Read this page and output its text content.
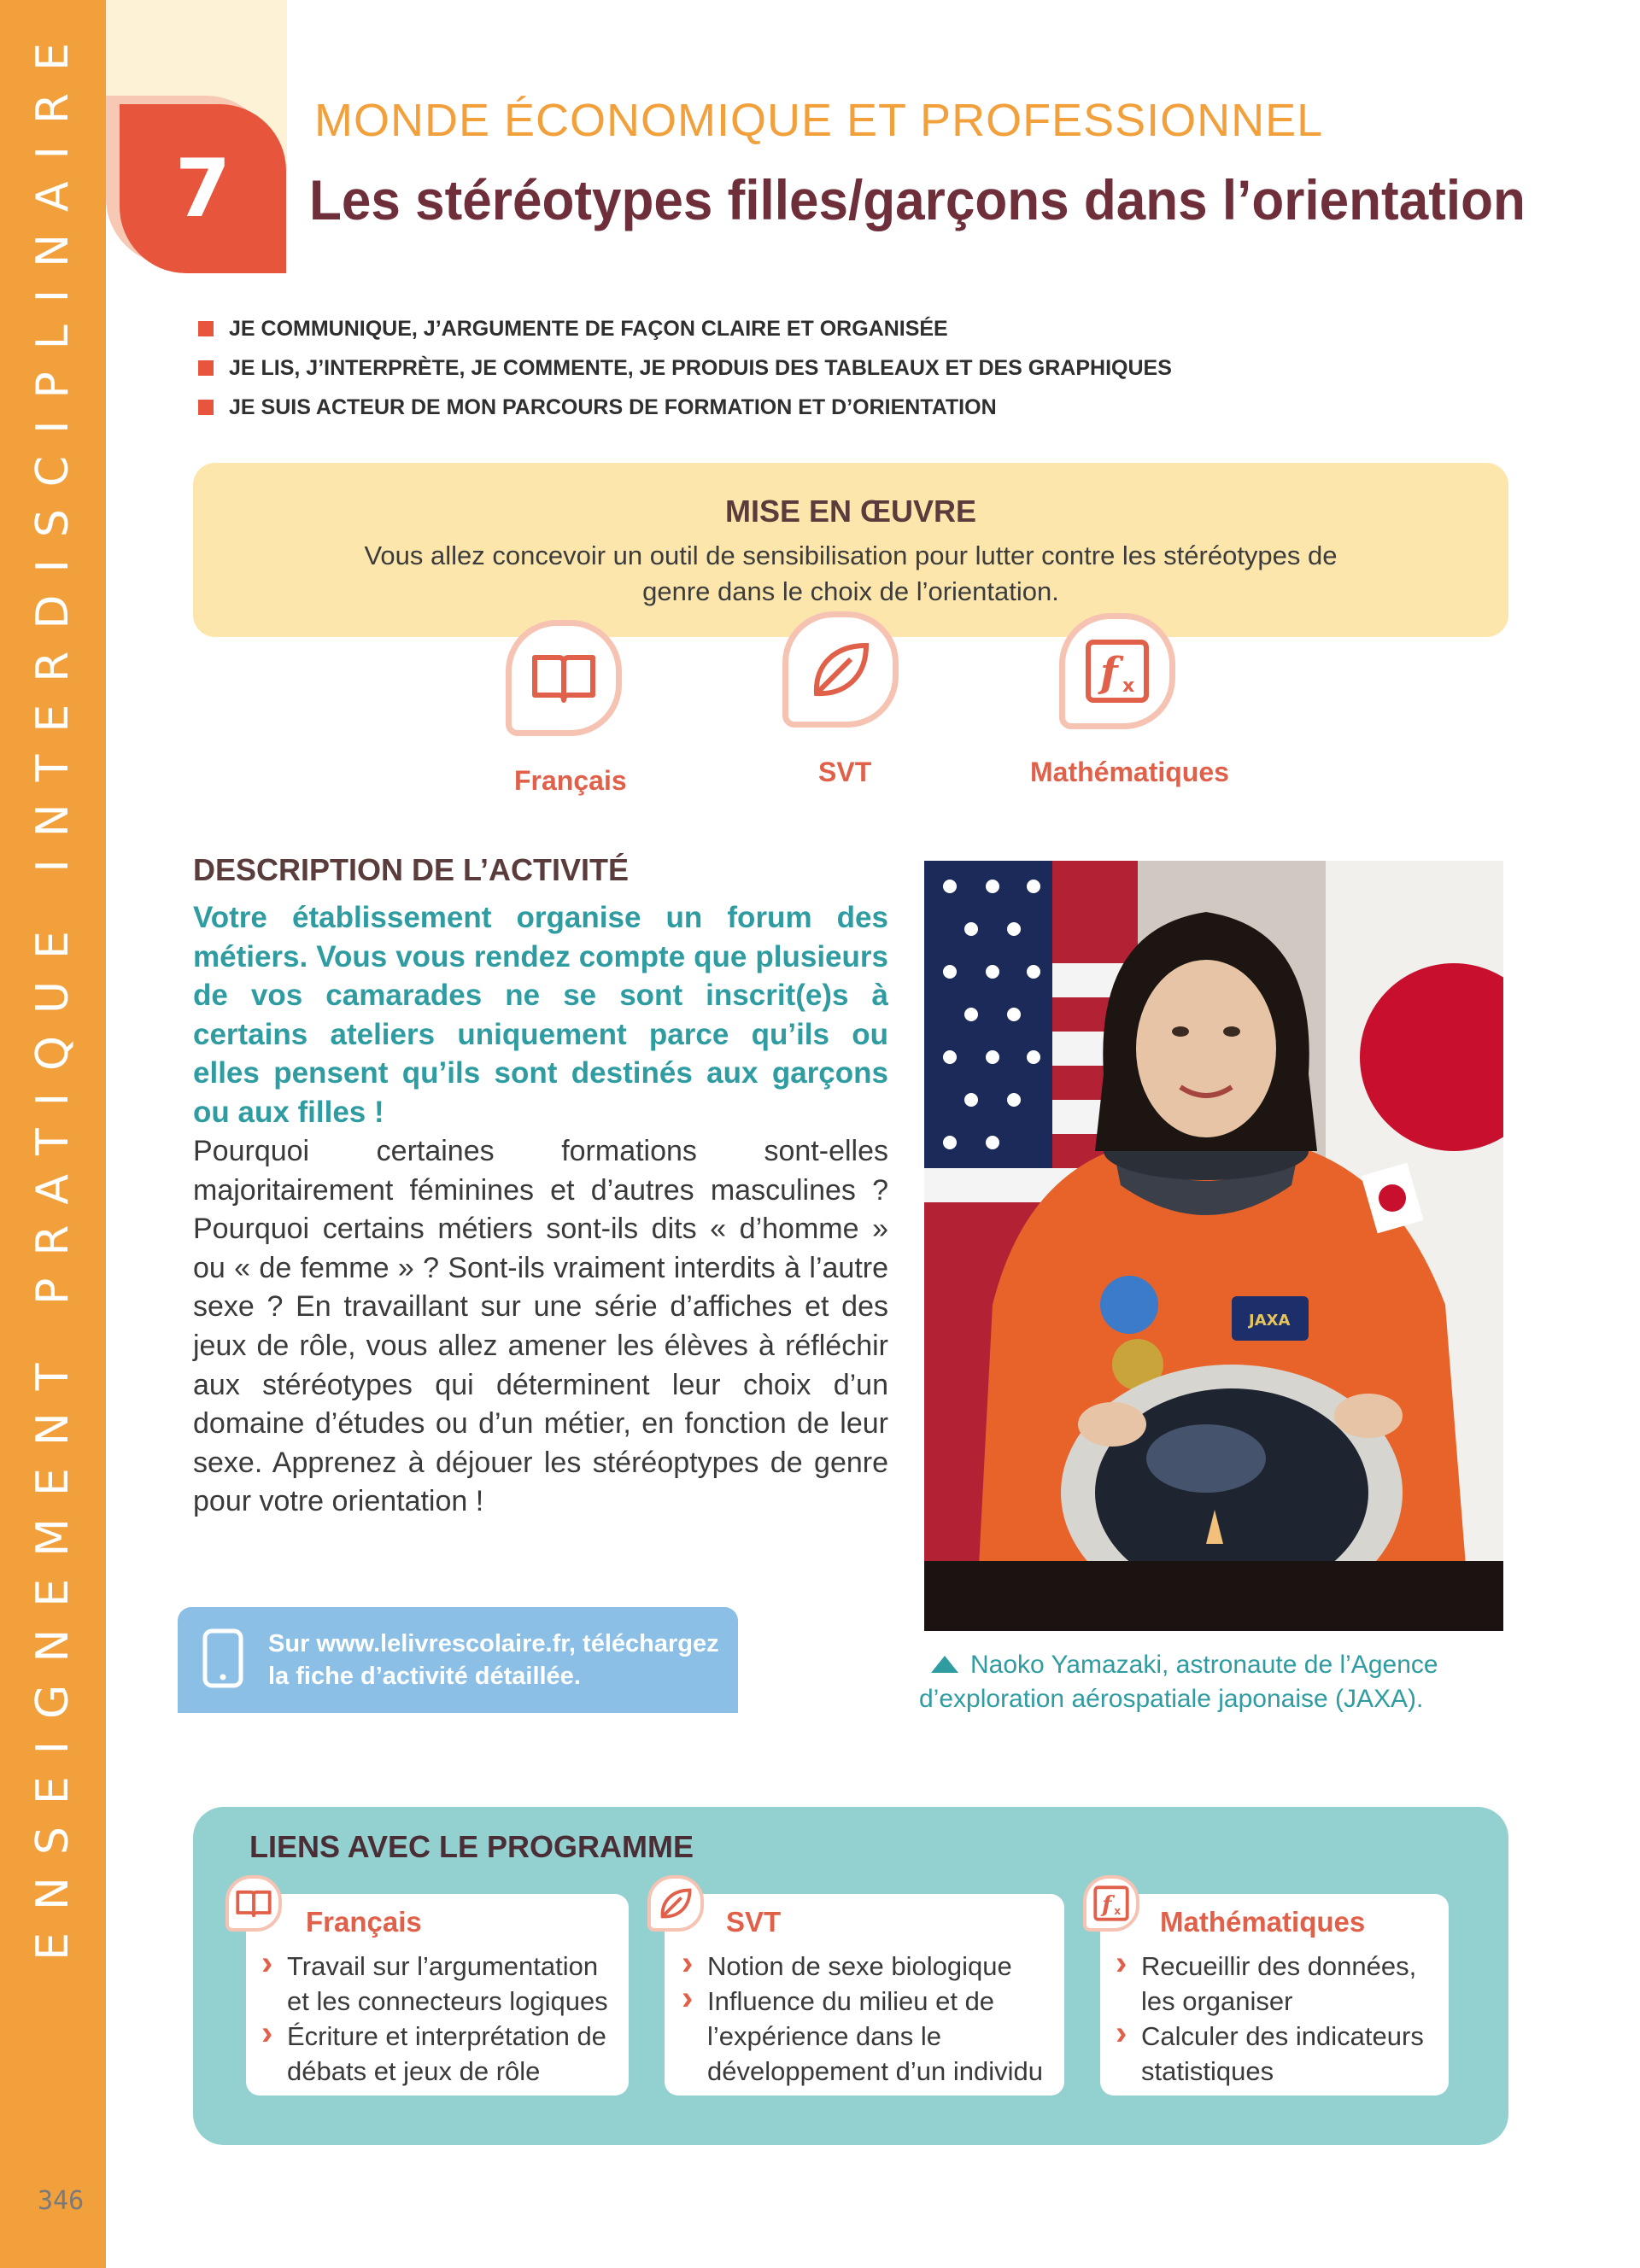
ENSEIGNEMENT PRATIQUE INTERDISCIPLINAIRE
346
7
MONDE ÉCONOMIQUE ET PROFESSIONNEL
Les stéréotypes filles/garçons dans l’orientation
JE COMMUNIQUE, J’ARGUMENTE DE FAÇON CLAIRE ET ORGANISÉE
JE LIS, J’INTERPRÈTE, JE COMMENTE, JE PRODUIS DES TABLEAUX ET DES GRAPHIQUES
JE SUIS ACTEUR DE MON PARCOURS DE FORMATION ET D’ORIENTATION
MISE EN ŒUVRE
Vous allez concevoir un outil de sensibilisation pour lutter contre les stéréotypes de genre dans le choix de l’orientation.
Français	SVT
f x
Mathématiques
DESCRIPTION DE L’ACTIVITÉ
Votre établissement organise un forum des métiers. Vous vous rendez compte que plusieurs de vos camarades ne se sont inscrit(e)s à certains ateliers uniquement parce qu’ils ou elles pensent qu’ils sont destinés aux garçons ou aux filles !
Pourquoi certaines formations sont-elles majoritairement féminines et d’autres masculines ? Pourquoi certains métiers sont-ils dits « d’homme » ou « de femme » ? Sont-ils vraiment interdits à l’autre sexe ? En travaillant sur une série d’affiches et des jeux de rôle, vous allez amener les élèves à réfléchir aux stéréotypes qui déterminent leur choix d’un domaine d’études ou d’un métier, en fonction de leur sexe. Apprenez à déjouer les stéréoptypes de genre pour votre orientation !
Sur www.lelivrescolaire.fr, téléchargez la fiche d’activité détaillée.
JAXA
Naoko Yamazaki, astronaute de l’Agence d’exploration aérospatiale japonaise (JAXA).
LIENS AVEC LE PROGRAMME
Français
› Travail sur l’argumentation et les connecteurs logiques
› Écriture et interprétation de débats et jeux de rôle
SVT
› Notion de sexe biologique
› Influence du milieu et de l’expérience dans le développement d’un individu
f x Mathématiques
› Recueillir des données, les organiser
› Calculer des indicateurs statistiques
